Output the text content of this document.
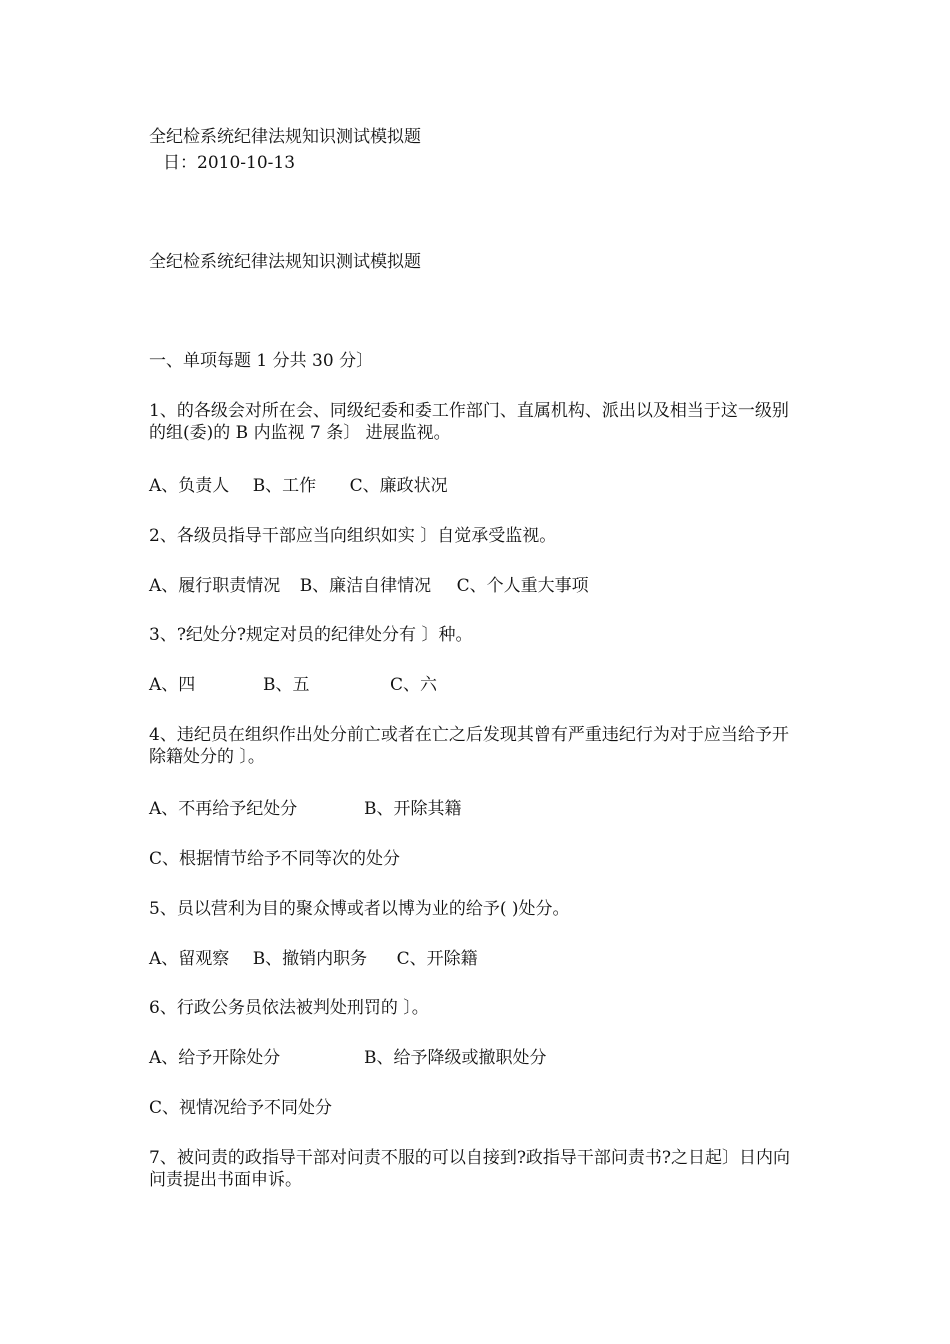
全纪检系统纪律法规知识测试模拟题
日：2010-10-13
全纪检系统纪律法规知识测试模拟题
一、单项每题 1 分共 30 分〕
1、的各级会对所在会、同级纪委和委工作部门、直属机构、派出以及相当于这一级别的组(委)的 B 内监视 7 条〕 进展监视。
A、负责人 B、工作 C、廉政状况
2、各级员指导干部应当向组织如实 〕自觉承受监视。
A、履行职责情况 B、廉洁自律情况 C、个人重大事项
3、?纪处分?规定对员的纪律处分有 〕种。
A、四	B、五	C、六
4、违纪员在组织作出处分前亡或者在亡之后发现其曾有严重违纪行为对于应当给予开除籍处分的 〕。
A、不再给予纪处分	B、开除其籍
C、根据情节给予不同等次的处分
5、员以营利为目的聚众博或者以博为业的给予( )处分。
A、留观察 B、撤销内职务 C、开除籍
6、行政公务员依法被判处刑罚的 〕。
A、给予开除处分	B、给予降级或撤职处分
C、视情况给予不同处分
7、被问责的政指导干部对问责不服的可以自接到?政指导干部问责书?之日起〕日内向问责提出书面申诉。
